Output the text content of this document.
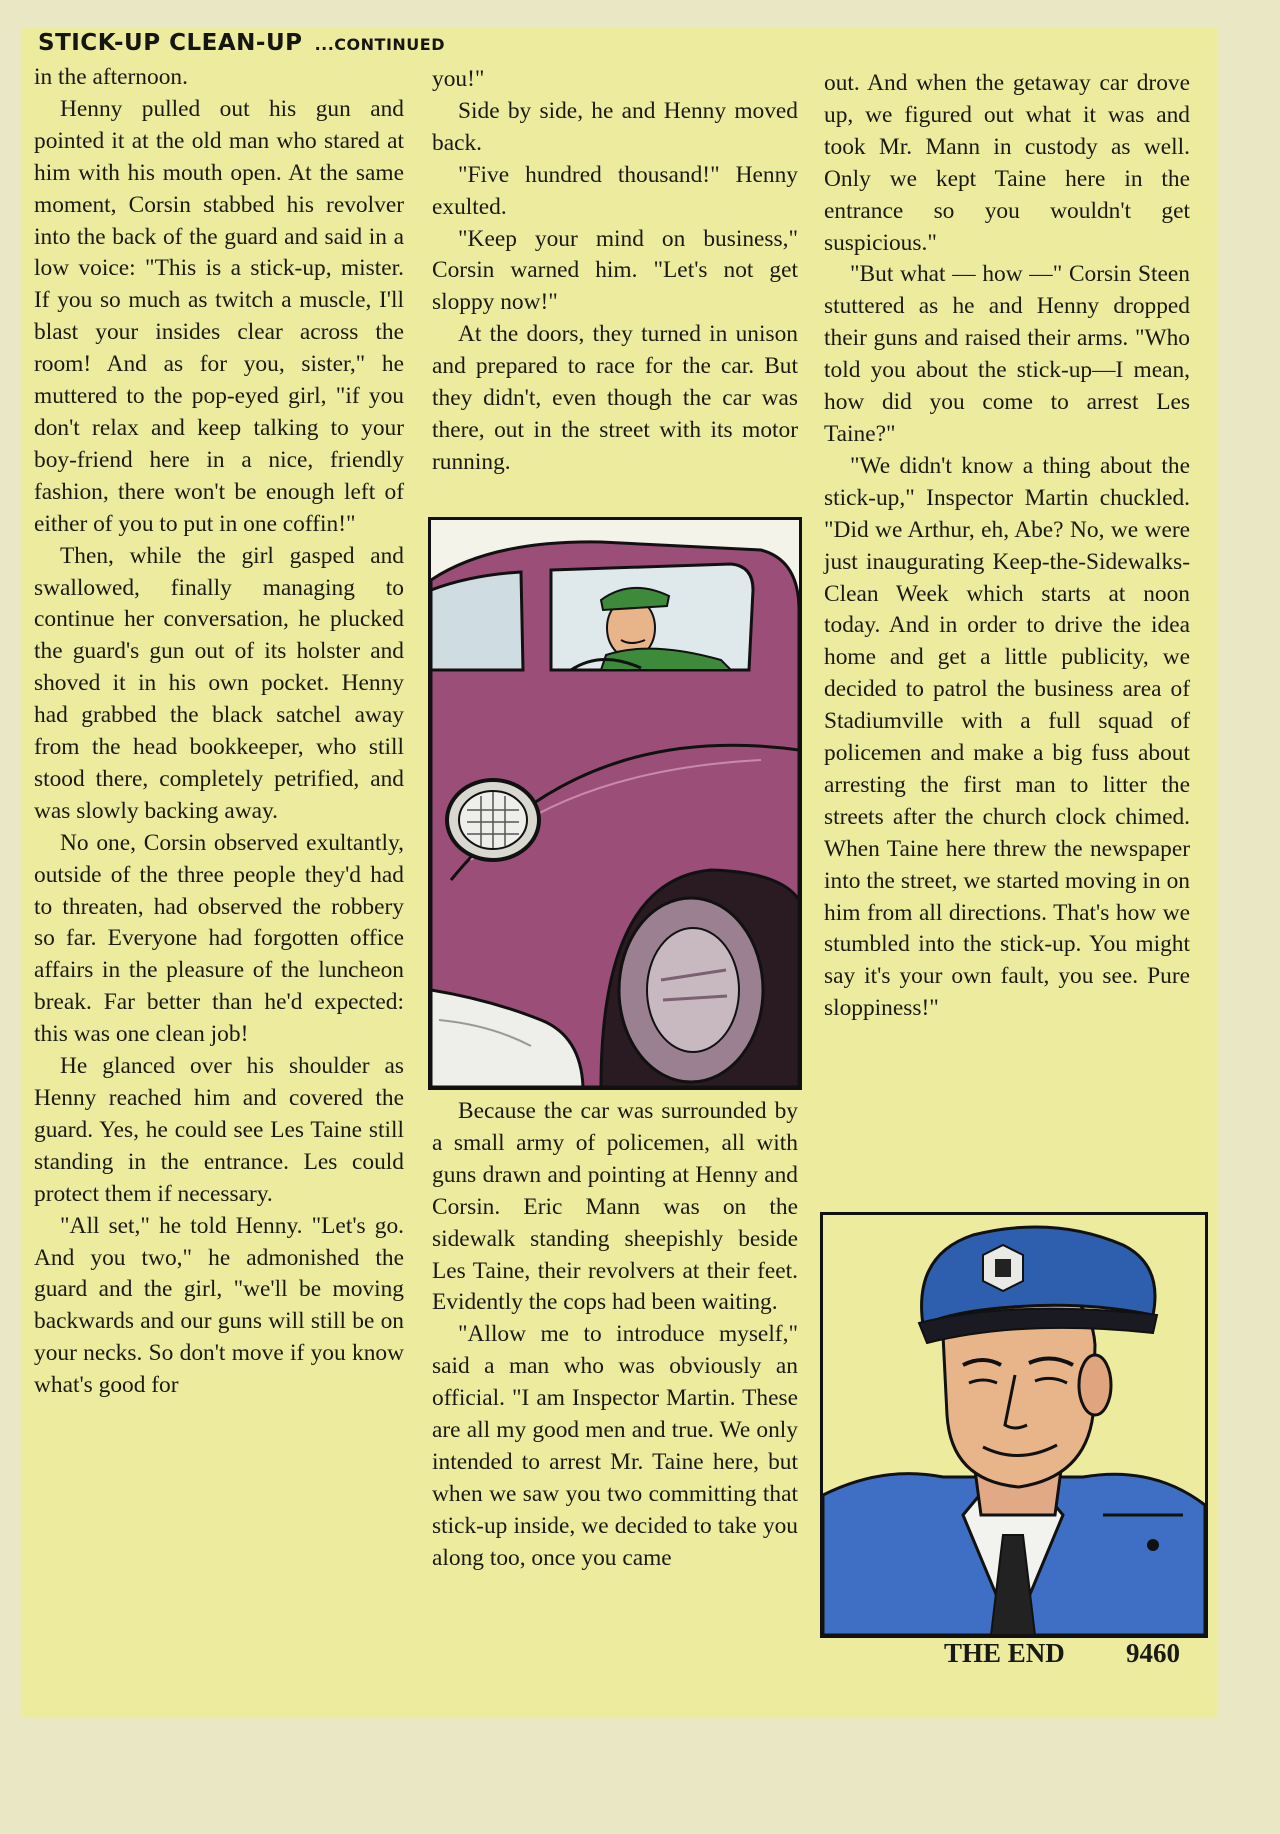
STICK-UP CLEAN-UP ...CONTINUED

in the afternoon.

Henny pulled out his gun and pointed it at the old man who stared at him with his mouth open. At the same moment, Corsin stabbed his revolver into the back of the guard and said in a low voice: "This is a stick-up, mister. If you so much as twitch a muscle, I'll blast your insides clear across the room! And as for you, sister," he muttered to the pop-eyed girl, "if you don't relax and keep talking to your boy-friend here in a nice, friendly fashion, there won't be enough left of either of you to put in one coffin!"

Then, while the girl gasped and swallowed, finally managing to continue her conversation, he plucked the guard's gun out of its holster and shoved it in his own pocket. Henny had grabbed the black satchel away from the head bookkeeper, who still stood there, completely petrified, and was slowly backing away.

No one, Corsin observed exultantly, outside of the three people they'd had to threaten, had observed the robbery so far. Everyone had forgotten office affairs in the pleasure of the luncheon break. Far better than he'd expected: this was one clean job!

He glanced over his shoulder as Henny reached him and covered the guard. Yes, he could see Les Taine still standing in the entrance. Les could protect them if necessary.

"All set," he told Henny. "Let's go. And you two," he admonished the guard and the girl, "we'll be moving backwards and our guns will still be on your necks. So don't move if you know what's good for

you!"

Side by side, he and Henny moved back.

"Five hundred thousand!" Henny exulted.

"Keep your mind on business," Corsin warned him. "Let's not get sloppy now!"

At the doors, they turned in unison and prepared to race for the car. But they didn't, even though the car was there, out in the street with its motor running.

Because the car was surrounded by a small army of policemen, all with guns drawn and pointing at Henny and Corsin. Eric Mann was on the sidewalk standing sheepishly beside Les Taine, their revolvers at their feet. Evidently the cops had been waiting.

"Allow me to introduce myself," said a man who was obviously an official. "I am Inspector Martin. These are all my good men and true. We only intended to arrest Mr. Taine here, but when we saw you two committing that stick-up inside, we decided to take you along too, once you came

out. And when the getaway car drove up, we figured out what it was and took Mr. Mann in custody as well. Only we kept Taine here in the entrance so you wouldn't get suspicious."

"But what — how —" Corsin Steen stuttered as he and Henny dropped their guns and raised their arms. "Who told you about the stick-up—I mean, how did you come to arrest Les Taine?"

"We didn't know a thing about the stick-up," Inspector Martin chuckled. "Did we Arthur, eh, Abe? No, we were just inaugurating Keep-the-Sidewalks-Clean Week which starts at noon today. And in order to drive the idea home and get a little publicity, we decided to patrol the business area of Stadiumville with a full squad of policemen and make a big fuss about arresting the first man to litter the streets after the church clock chimed. When Taine here threw the newspaper into the street, we started moving in on him from all directions. That's how we stumbled into the stick-up. You might say it's your own fault, you see. Pure sloppiness!"

THE END 9460
